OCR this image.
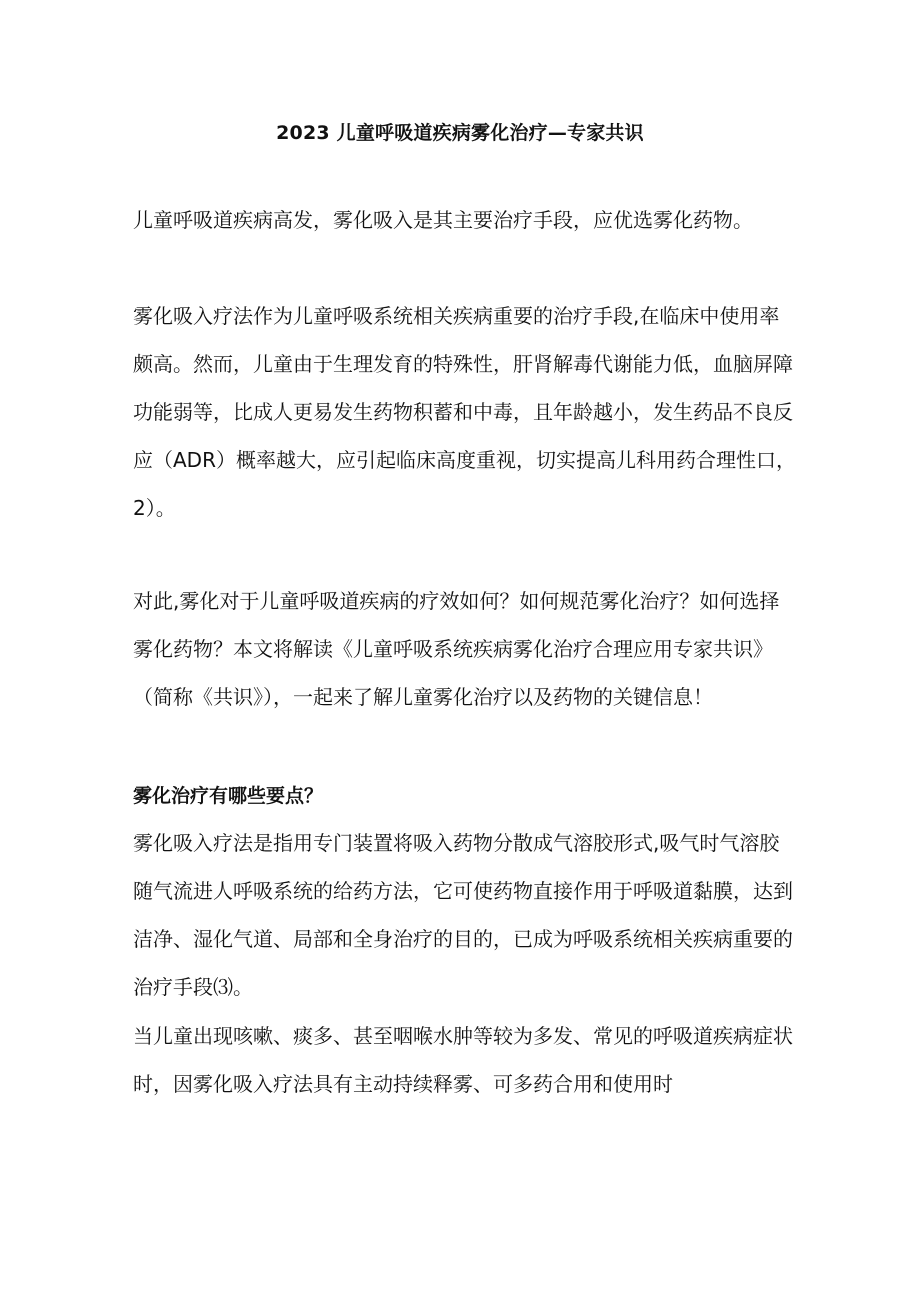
2023 儿童呼吸道疾病雾化治疗—专家共识

儿童呼吸道疾病高发，雾化吸入是其主要治疗手段，应优选雾化药物。

雾化吸入疗法作为儿童呼吸系统相关疾病重要的治疗手段,在临床中使用率
颇高。然而，儿童由于生理发育的特殊性，肝肾解毒代谢能力低，血脑屏障
功能弱等，比成人更易发生药物积蓄和中毒，且年龄越小，发生药品不良反
应（ADR）概率越大，应引起临床高度重视，切实提高儿科用药合理性口，
2）。

对此,雾化对于儿童呼吸道疾病的疗效如何？如何规范雾化治疗？如何选择
雾化药物？本文将解读《儿童呼吸系统疾病雾化治疗合理应用专家共识》
（简称《共识》），一起来了解儿童雾化治疗以及药物的关键信息！

雾化治疗有哪些要点？

雾化吸入疗法是指用专门装置将吸入药物分散成气溶胶形式,吸气时气溶胶
随气流进人呼吸系统的给药方法，它可使药物直接作用于呼吸道黏膜，达到
洁净、湿化气道、局部和全身治疗的目的，已成为呼吸系统相关疾病重要的
治疗手段⑶。

当儿童出现咳嗽、痰多、甚至咽喉水肿等较为多发、常见的呼吸道疾病症状
时，因雾化吸入疗法具有主动持续释雾、可多药合用和使用时
